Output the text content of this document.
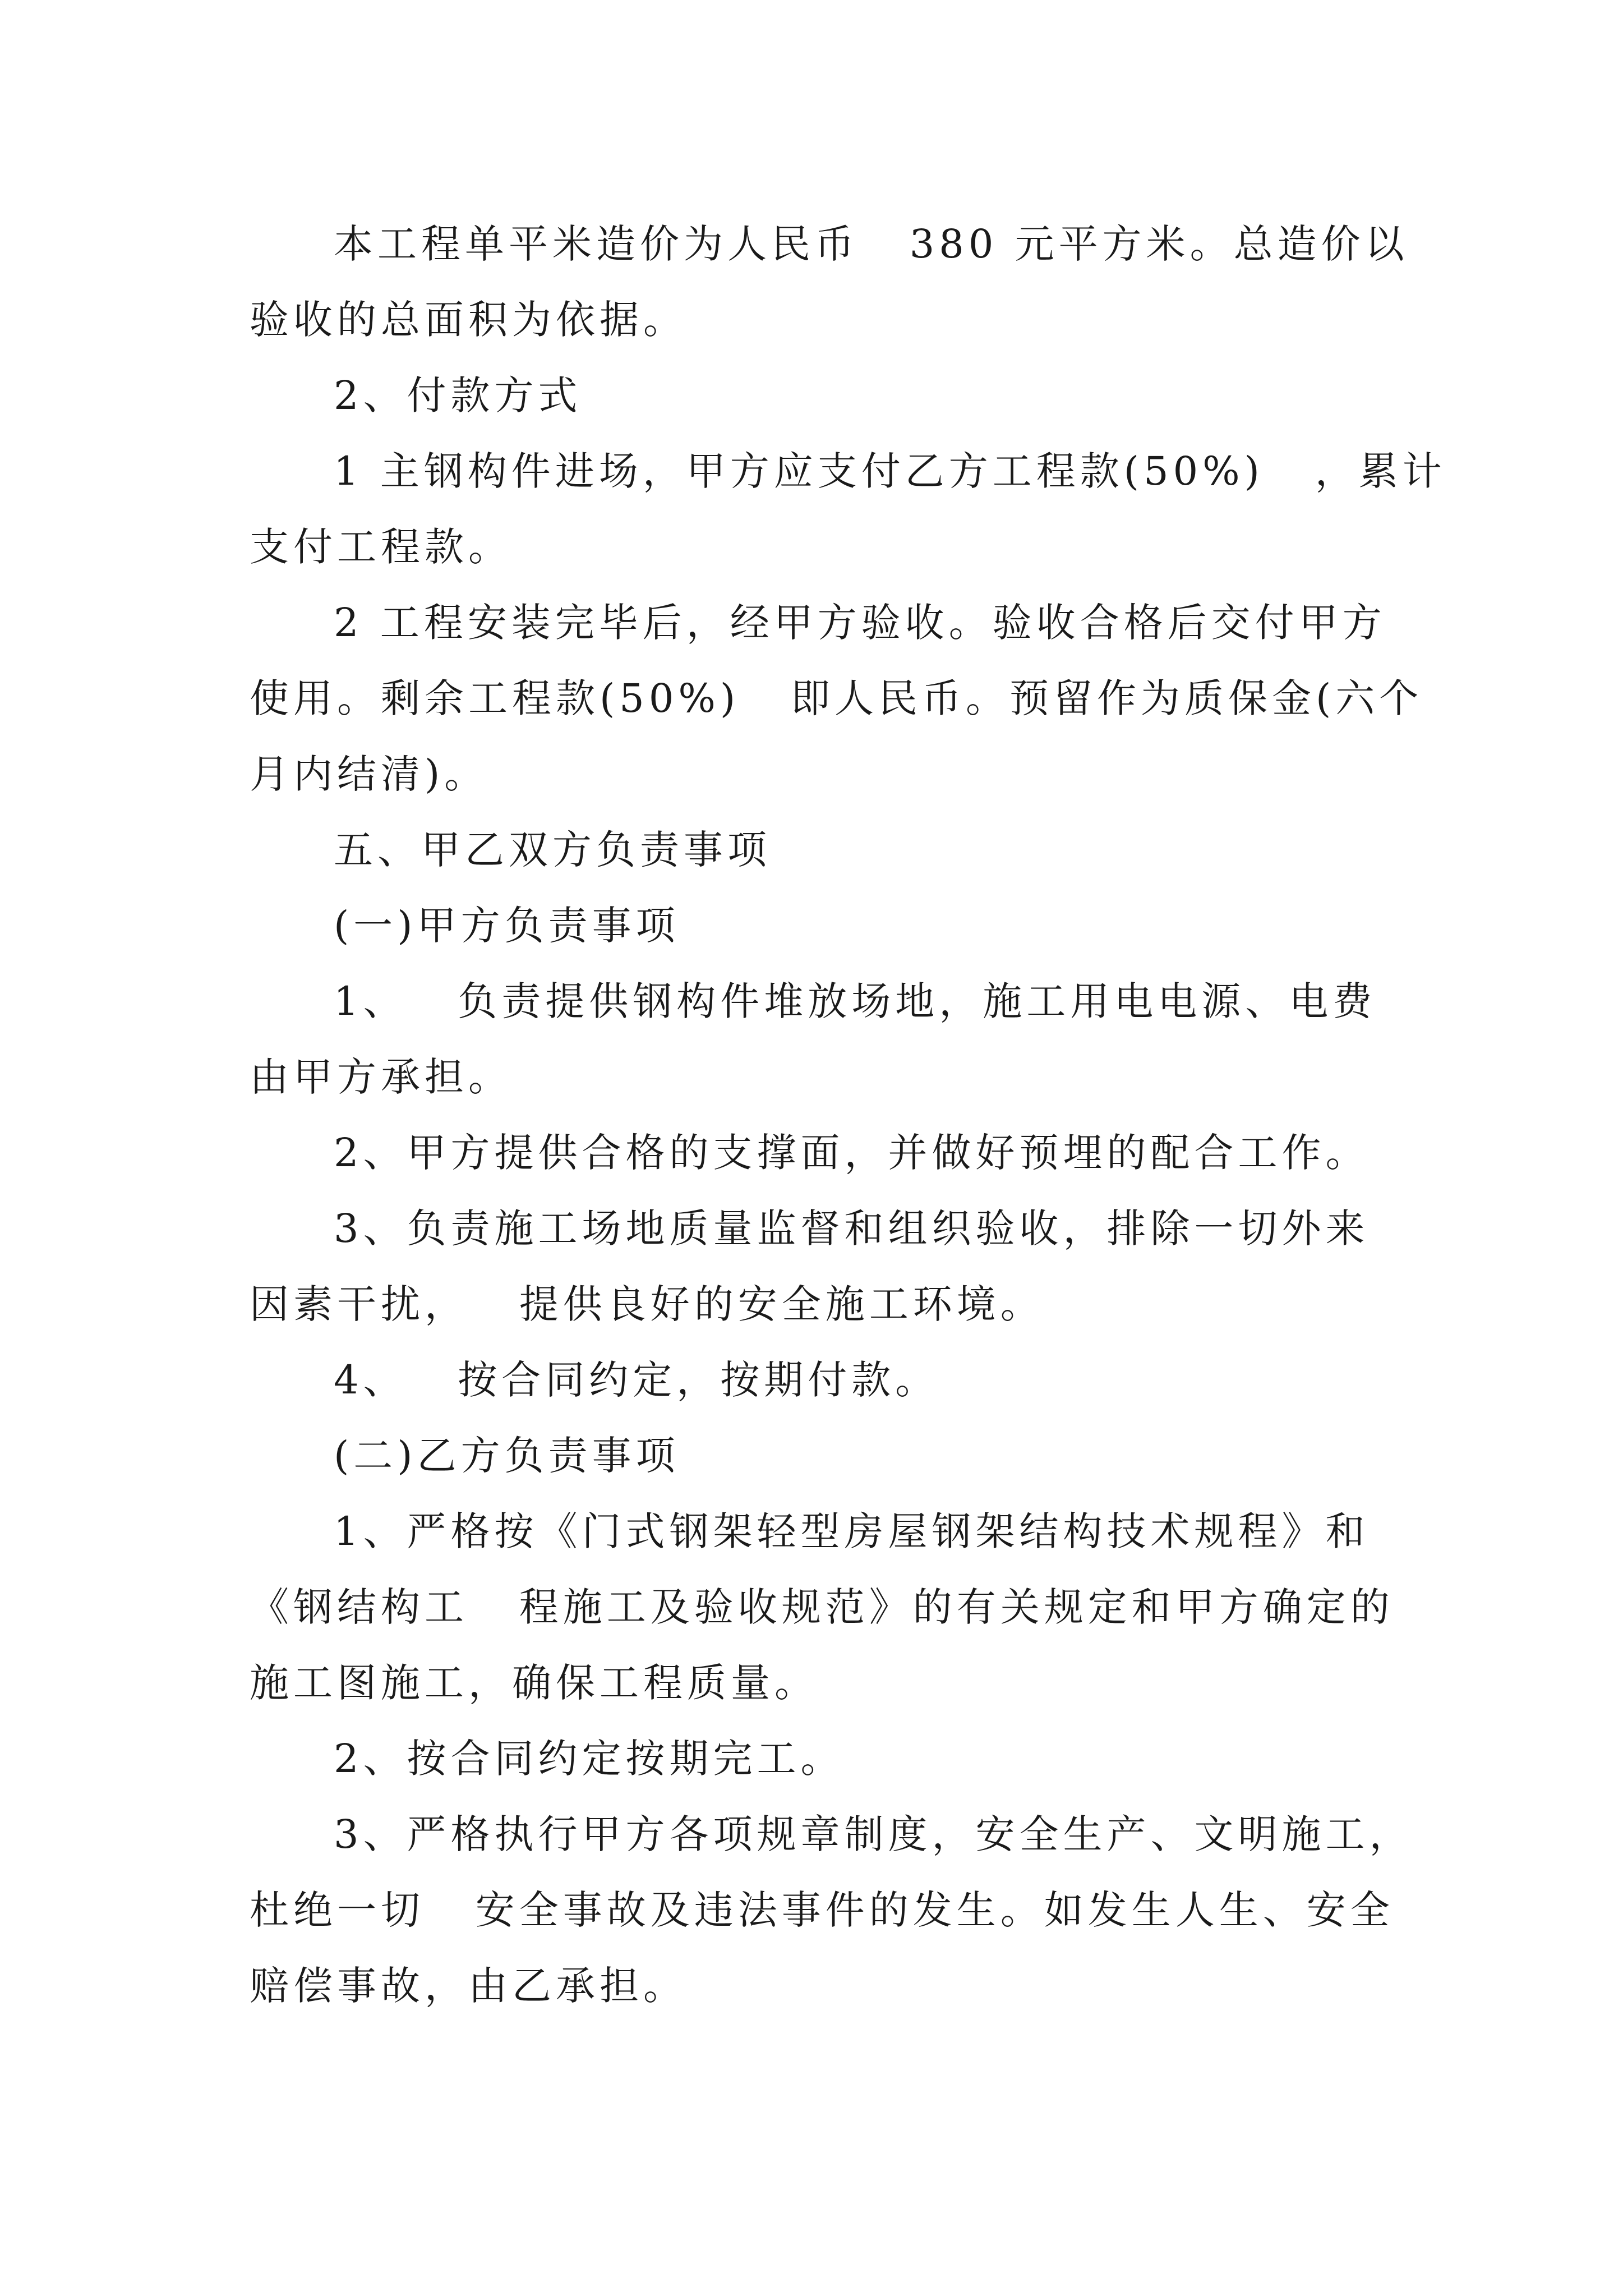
本工程单平米造价为人民币   380 元平方米。总造价以
验收的总面积为依据。
2、付款方式
1 主钢构件进场，甲方应支付乙方工程款(50%)   ，累计
支付工程款。
2 工程安装完毕后，经甲方验收。验收合格后交付甲方
使用。剩余工程款(50%)   即人民币。预留作为质保金(六个
月内结清)。
五、甲乙双方负责事项
(一)甲方负责事项
1、   负责提供钢构件堆放场地，施工用电电源、电费
由甲方承担。
2、甲方提供合格的支撑面，并做好预埋的配合工作。
3、负责施工场地质量监督和组织验收，排除一切外来
因素干扰，   提供良好的安全施工环境。
4、   按合同约定，按期付款。
(二)乙方负责事项
1、严格按《门式钢架轻型房屋钢架结构技术规程》和
《钢结构工   程施工及验收规范》的有关规定和甲方确定的
施工图施工，确保工程质量。
2、按合同约定按期完工。
3、严格执行甲方各项规章制度，安全生产、文明施工，
杜绝一切   安全事故及违法事件的发生。如发生人生、安全
赔偿事故，由乙承担。
